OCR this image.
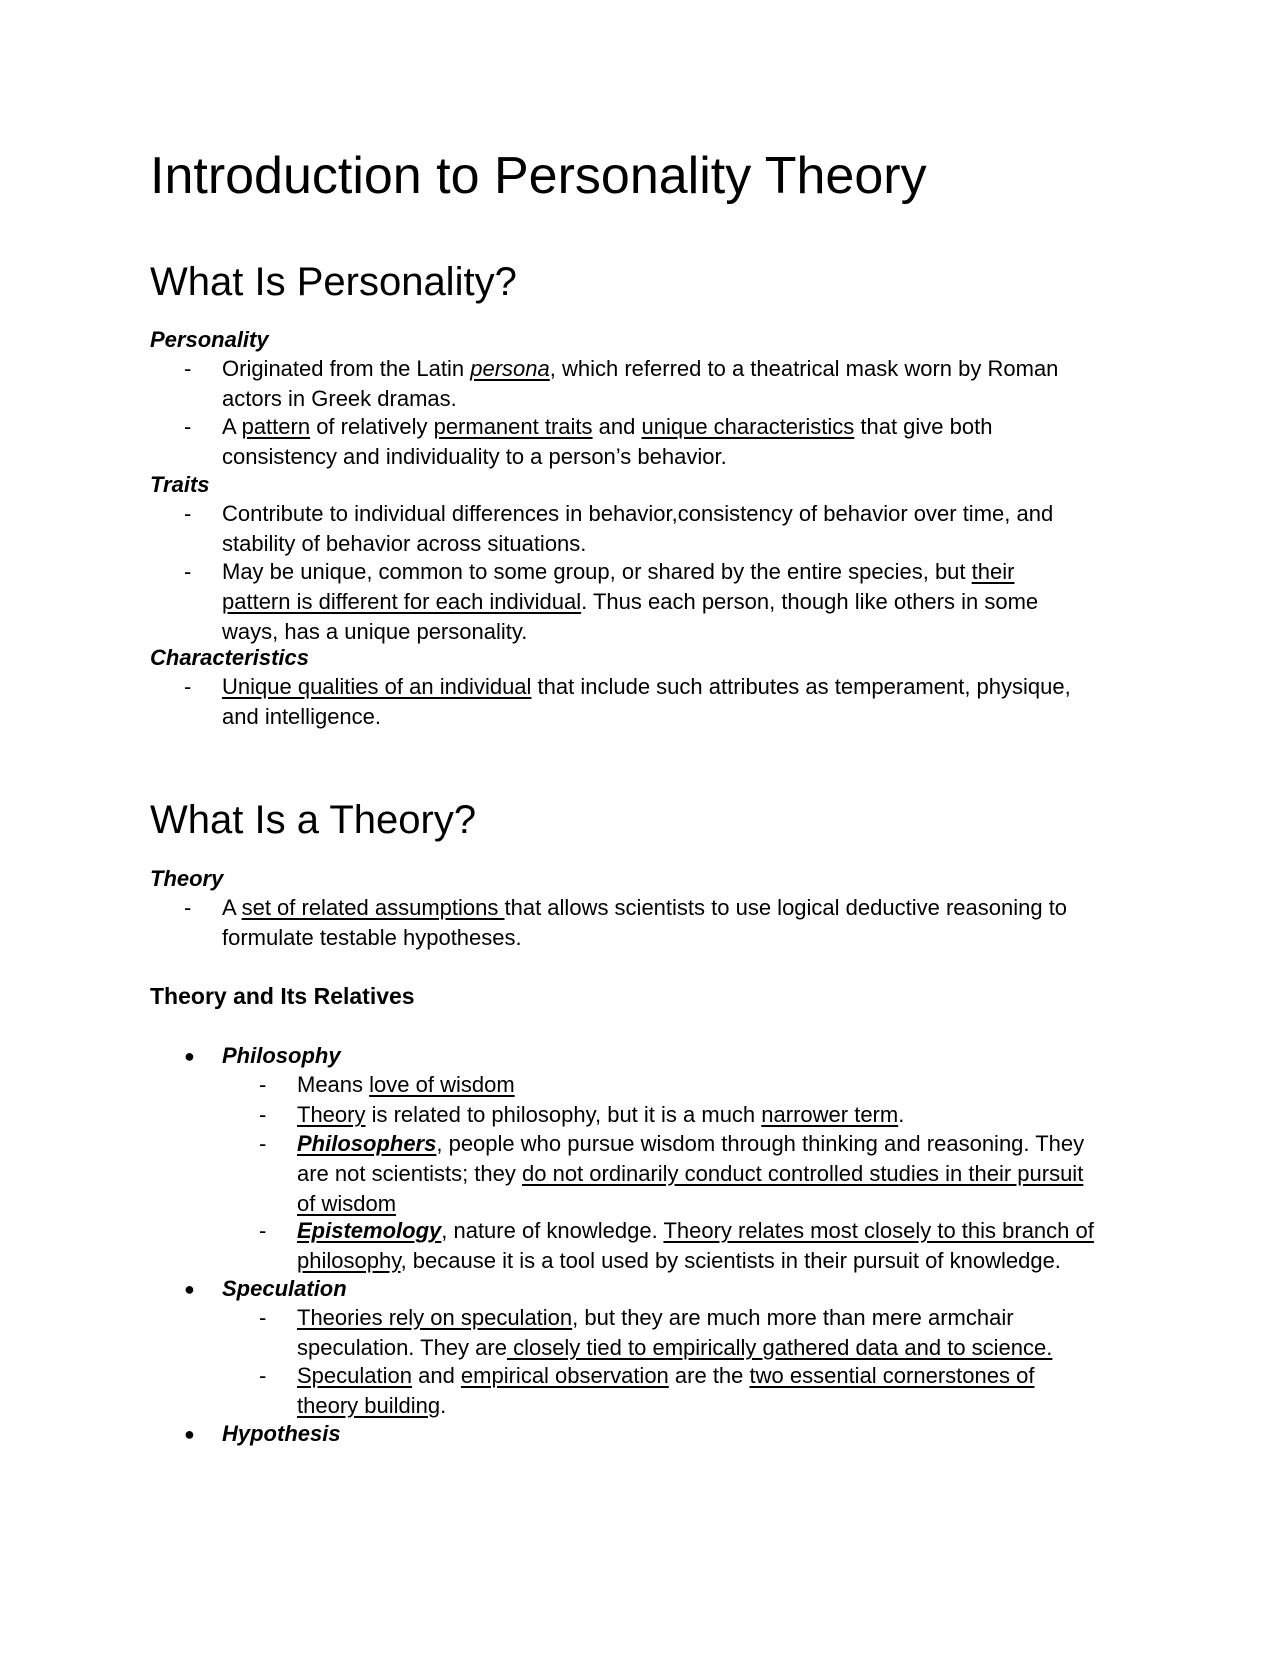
Introduction to Personality Theory
What Is Personality?
Personality
-	Originated from the Latin persona, which referred to a theatrical mask worn by Roman actors in Greek dramas.
-	A pattern of relatively permanent traits and unique characteristics that give both consistency and individuality to a person’s behavior.
Traits
-	Contribute to individual differences in behavior,consistency of behavior over time, and stability of behavior across situations.
-	May be unique, common to some group, or shared by the entire species, but their pattern is different for each individual. Thus each person, though like others in some ways, has a unique personality.
Characteristics
-	Unique qualities of an individual that include such attributes as temperament, physique, and intelligence.
What Is a Theory?
Theory
-	A set of related assumptions that allows scientists to use logical deductive reasoning to formulate testable hypotheses.
Theory and Its Relatives
●	Philosophy
-	Means love of wisdom
-	Theory is related to philosophy, but it is a much narrower term.
-	Philosophers, people who pursue wisdom through thinking and reasoning. They are not scientists; they do not ordinarily conduct controlled studies in their pursuit of wisdom
-	Epistemology, nature of knowledge. Theory relates most closely to this branch of philosophy, because it is a tool used by scientists in their pursuit of knowledge.
●	Speculation
-	Theories rely on speculation, but they are much more than mere armchair speculation. They are closely tied to empirically gathered data and to science.
-	Speculation and empirical observation are the two essential cornerstones of theory building.
●	Hypothesis
